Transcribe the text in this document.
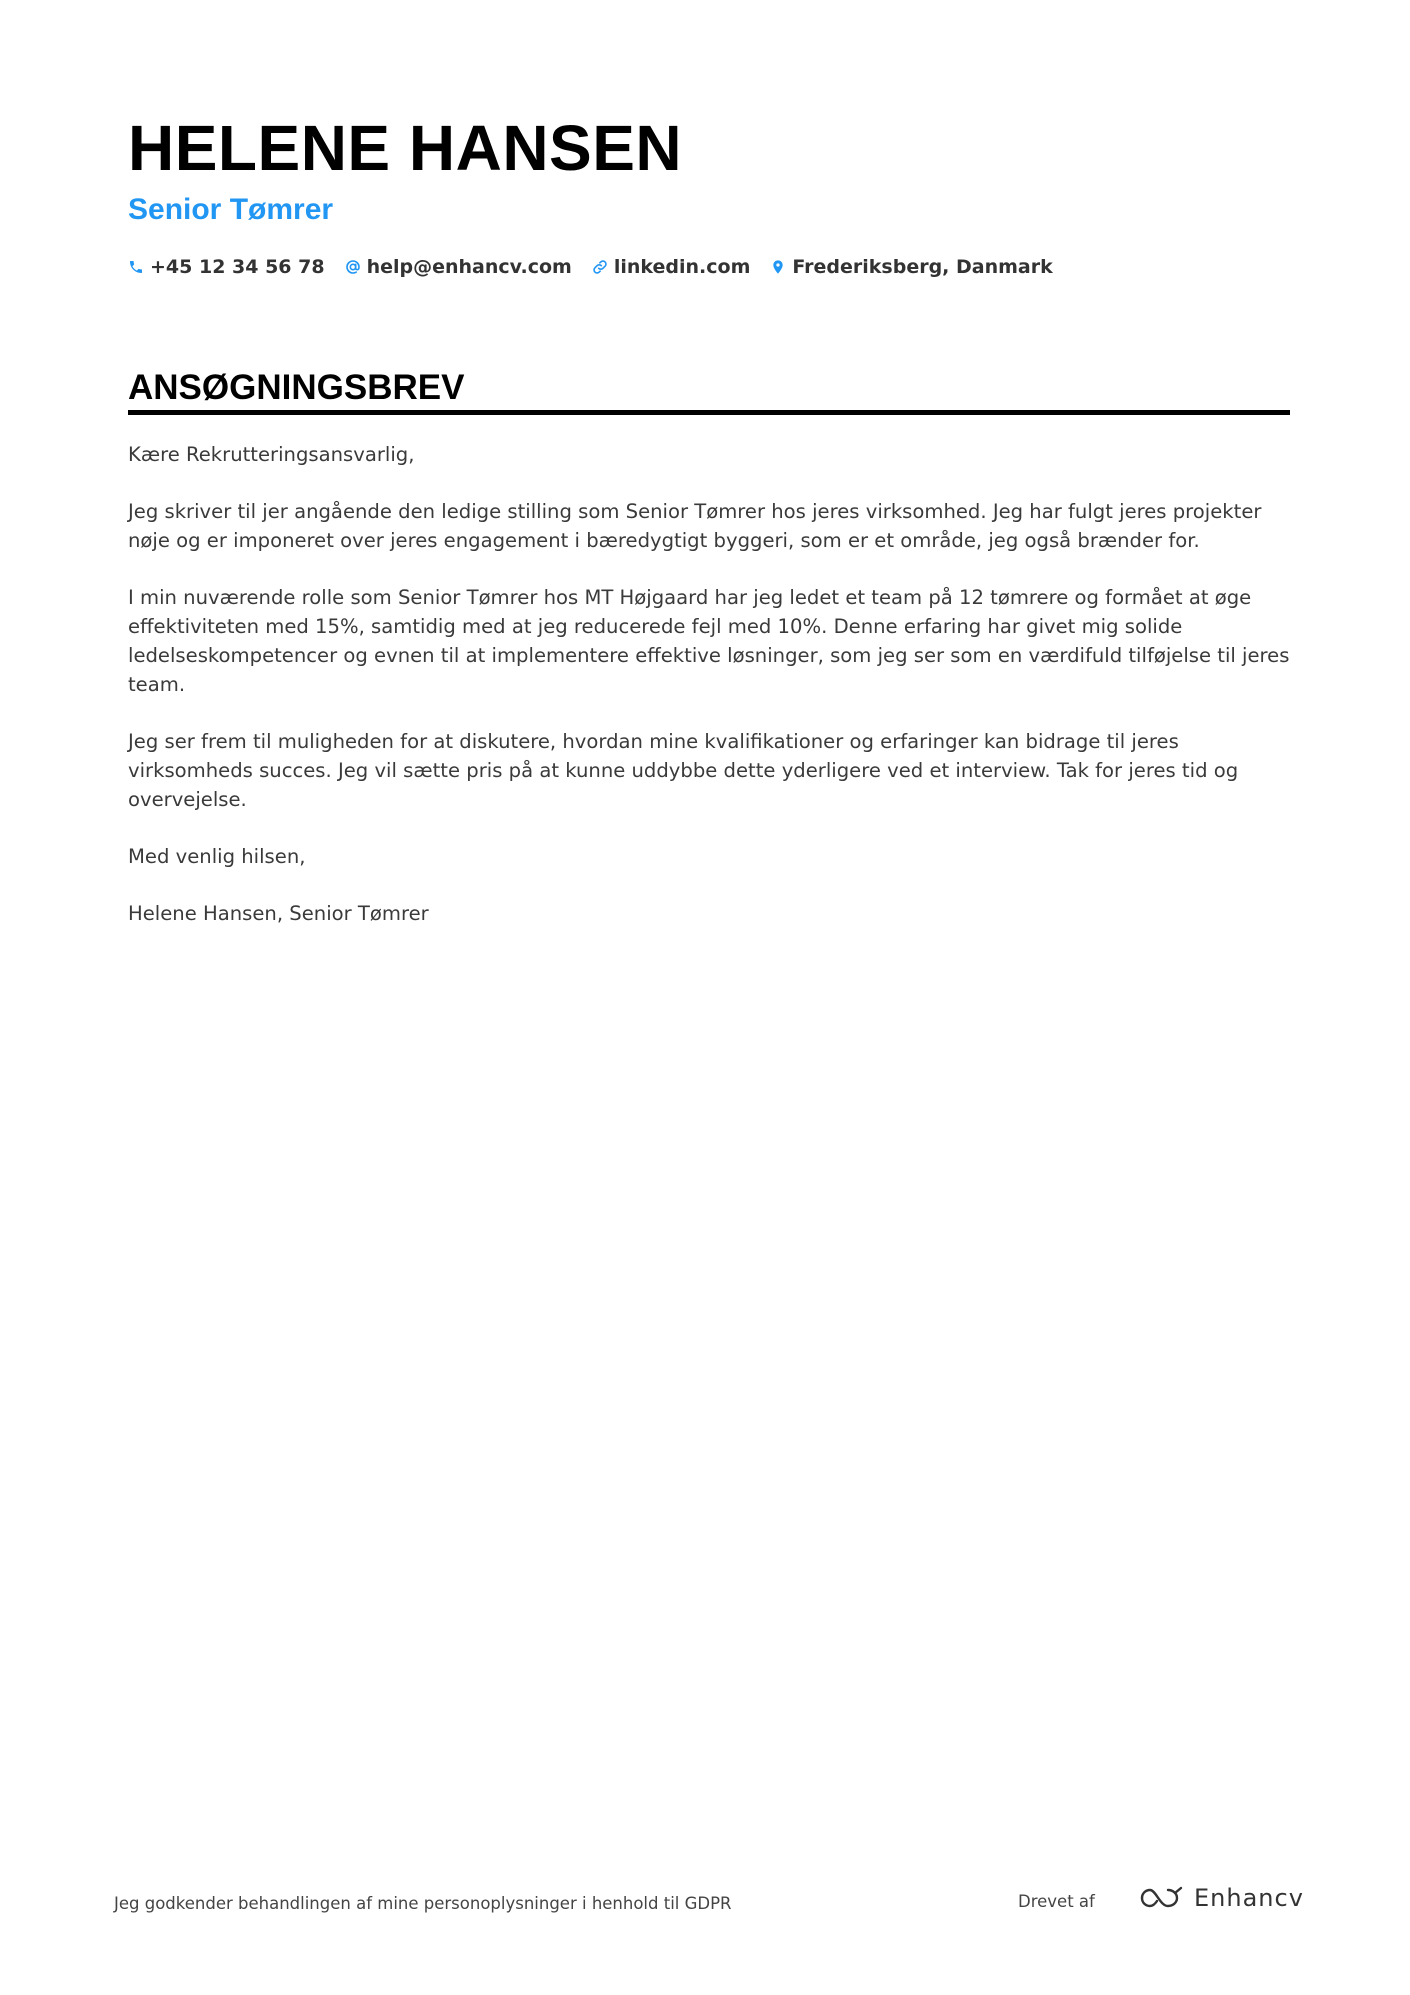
HELENE HANSEN
Senior Tømrer
+45 12 34 56 78 help@enhancv.com linkedin.com Frederiksberg, Danmark
ANSØGNINGSBREV

Kære Rekrutteringsansvarlig,

Jeg skriver til jer angående den ledige stilling som Senior Tømrer hos jeres virksomhed. Jeg har fulgt jeres projekter nøje og er imponeret over jeres engagement i bæredygtigt byggeri, som er et område, jeg også brænder for.

I min nuværende rolle som Senior Tømrer hos MT Højgaard har jeg ledet et team på 12 tømrere og formået at øge effektiviteten med 15%, samtidig med at jeg reducerede fejl med 10%. Denne erfaring har givet mig solide ledelseskompetencer og evnen til at implementere effektive løsninger, som jeg ser som en værdifuld tilføjelse til jeres team.

Jeg ser frem til muligheden for at diskutere, hvordan mine kvalifikationer og erfaringer kan bidrage til jeres virksomheds succes. Jeg vil sætte pris på at kunne uddybbe dette yderligere ved et interview. Tak for jeres tid og overvejelse.

Med venlig hilsen,

Helene Hansen, Senior Tømrer

Jeg godkender behandlingen af mine personoplysninger i henhold til GDPR	Drevet af	Enhancv
